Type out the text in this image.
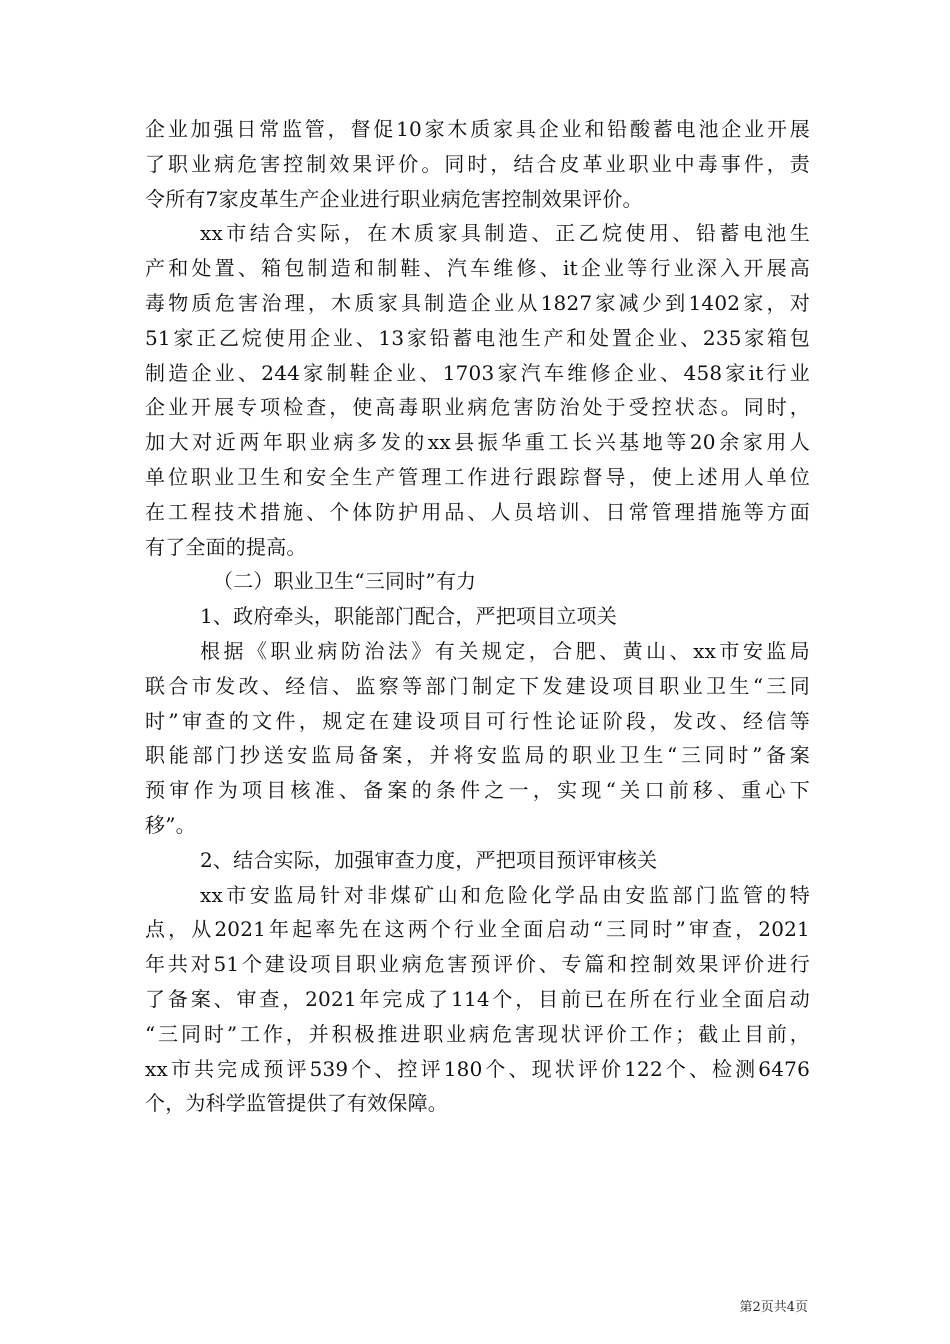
企业加强日常监管，督促10家木质家具企业和铅酸蓄电池企业开展
了职业病危害控制效果评价。同时，结合皮革业职业中毒事件，责
令所有7家皮革生产企业进行职业病危害控制效果评价。
xx市结合实际，在木质家具制造、正乙烷使用、铅蓄电池生
产和处置、箱包制造和制鞋、汽车维修、it企业等行业深入开展高
毒物质危害治理，木质家具制造企业从1827家减少到1402家，对
51家正乙烷使用企业、13家铅蓄电池生产和处置企业、235家箱包
制造企业、244家制鞋企业、1703家汽车维修企业、458家it行业
企业开展专项检查，使高毒职业病危害防治处于受控状态。同时，
加大对近两年职业病多发的xx县振华重工长兴基地等20余家用人
单位职业卫生和安全生产管理工作进行跟踪督导，使上述用人单位
在工程技术措施、个体防护用品、人员培训、日常管理措施等方面
有了全面的提高。
（二）职业卫生“三同时”有力
1、政府牵头，职能部门配合，严把项目立项关
根据《职业病防治法》有关规定，合肥、黄山、xx市安监局
联合市发改、经信、监察等部门制定下发建设项目职业卫生“三同
时”审查的文件，规定在建设项目可行性论证阶段，发改、经信等
职能部门抄送安监局备案，并将安监局的职业卫生“三同时”备案
预审作为项目核准、备案的条件之一，实现“关口前移、重心下
移”。
2、结合实际，加强审查力度，严把项目预评审核关
xx市安监局针对非煤矿山和危险化学品由安监部门监管的特
点，从2021年起率先在这两个行业全面启动“三同时”审查，2021
年共对51个建设项目职业病危害预评价、专篇和控制效果评价进行
了备案、审查，2021年完成了114个，目前已在所在行业全面启动
“三同时”工作，并积极推进职业病危害现状评价工作；截止目前，
xx市共完成预评539个、控评180个、现状评价122个、检测6476
个，为科学监管提供了有效保障。
第2页共4页
